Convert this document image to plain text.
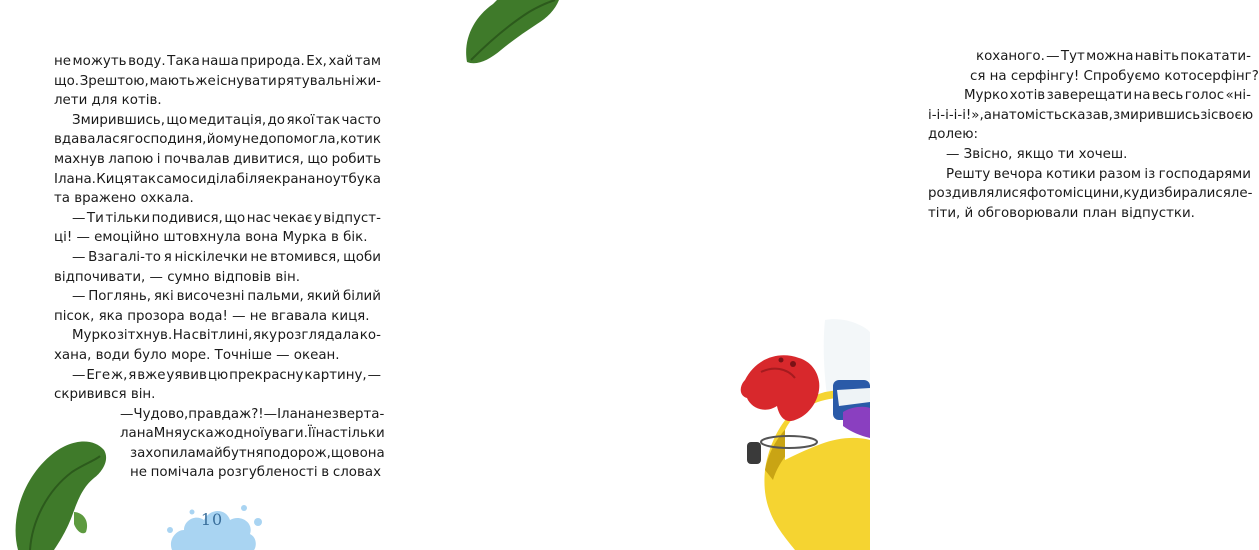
не можуть воду. Така наша природа. Ех, хай там
що. Зрештою, мають же існувати рятувальні жи-
лети для котів.
Змирившись, що медитація, до якої так часто
вдавалася господиня, йому не допомогла, котик
махнув лапою і почвалав дивитися, що робить
Ілана. Киця так само сиділа біля екрана ноутбука
та вражено охкала.
— Ти тільки подивися, що нас чекає у відпуст-
ці! — емоційно штовхнула вона Мурка в бік.
— Взагалі-то я ніскілечки не втомився, щоби
відпочивати, — сумно відповів він.
— Поглянь, які височезні пальми, який білий
пісок, яка прозора вода! — не вгавала киця.
Мурко зітхнув. На світлині, яку розглядала ко-
хана, води було море. Точніше — океан.
— Еге ж, я вже уявив цю прекрасну картину, —
скривився він.
— Чудово, правда ж?! — Ілана не зверта-
ла на Мняуска жодної уваги. Її настільки
захопила майбутня подорож, що вона
не помічала розгубленості в словах
10
коханого. — Тут можна навіть покатати-
ся на серфінгу! Спробуємо котосерфінг?
Мурко хотів заверещати на весь голос «ні-
і-і-і-і-і!», а натомість сказав, змирившись зі своєю
долею:
— Звісно, якщо ти хочеш.
Решту вечора котики разом із господарями
роздивлялися фото місцини, куди збиралися ле-
тіти, й обговорювали план відпустки.
